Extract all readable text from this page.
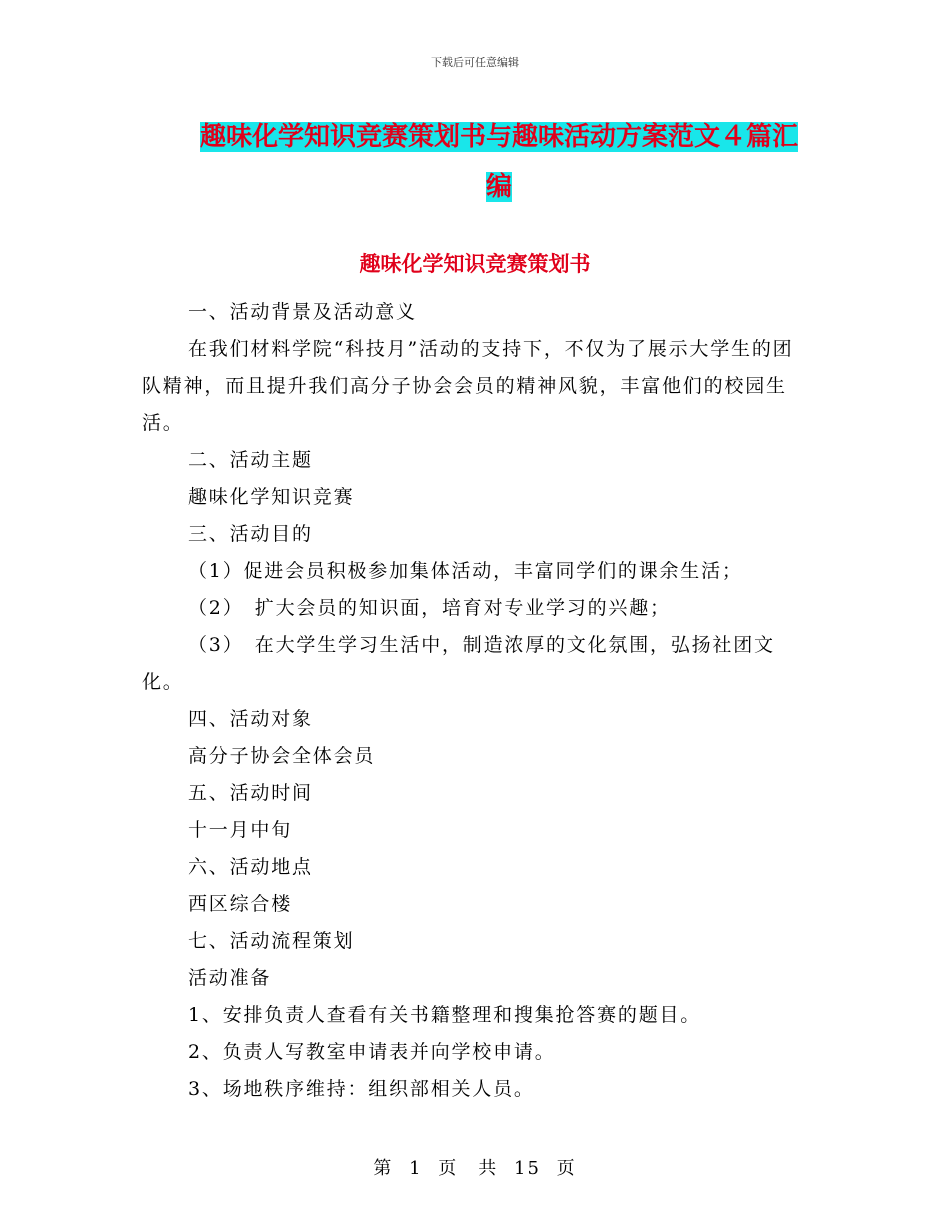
下载后可任意编辑
趣味化学知识竞赛策划书与趣味活动方案范文４篇汇
编
趣味化学知识竞赛策划书

一、活动背景及活动意义

在我们材料学院“科技月”活动的支持下，不仅为了展示大学生的团队精神，而且提升我们高分子协会会员的精神风貌，丰富他们的校园生活。

二、活动主题

趣味化学知识竞赛

三、活动目的

（1）促进会员积极参加集体活动，丰富同学们的课余生活；

（2）　扩大会员的知识面，培育对专业学习的兴趣；

（3）　在大学生学习生活中，制造浓厚的文化氛围，弘扬社团文化。

四、活动对象

高分子协会全体会员

五、活动时间

十一月中旬

六、活动地点

西区综合楼

七、活动流程策划

活动准备

1、安排负责人查看有关书籍整理和搜集抢答赛的题目。

2、负责人写教室申请表并向学校申请。

3、场地秩序维持：组织部相关人员。

第 1 页　共 15 页
